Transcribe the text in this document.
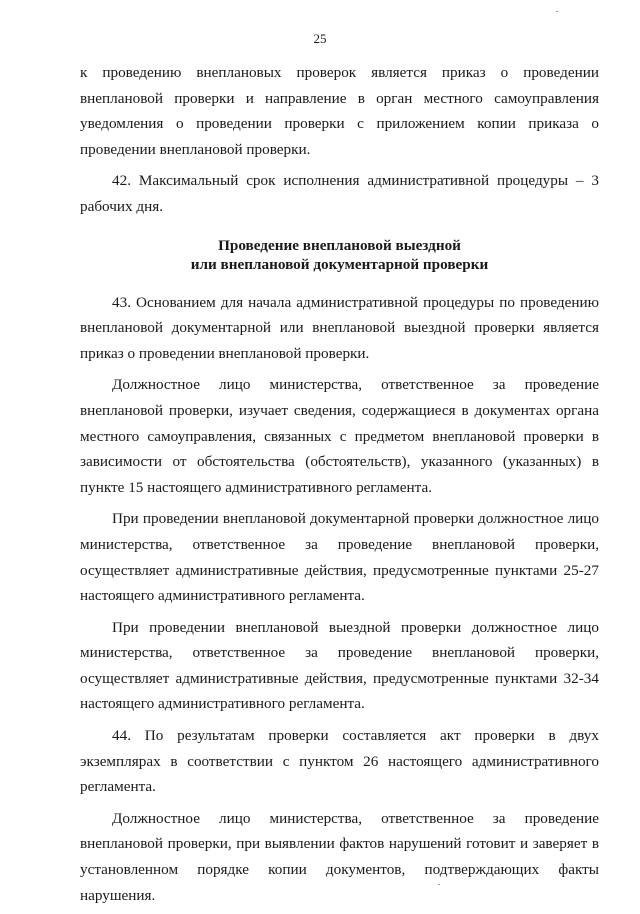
25

к проведению внеплановых проверок является приказ о проведении внеплановой проверки и направление в орган местного самоуправления уведомления о проведении проверки с приложением копии приказа о проведении внеплановой проверки.

42. Максимальный срок исполнения административной процедуры – 3 рабочих дня.

Проведение внеплановой выездной
или внеплановой документарной проверки

43. Основанием для начала административной процедуры по проведению внеплановой документарной или внеплановой выездной проверки является приказ о проведении внеплановой проверки.

Должностное лицо министерства, ответственное за проведение внеплановой проверки, изучает сведения, содержащиеся в документах органа местного самоуправления, связанных с предметом внеплановой проверки в зависимости от обстоятельства (обстоятельств), указанного (указанных) в пункте 15 настоящего административного регламента.

При проведении внеплановой документарной проверки должностное лицо министерства, ответственное за проведение внеплановой проверки, осуществляет административные действия, предусмотренные пунктами 25-27 настоящего административного регламента.

При проведении внеплановой выездной проверки должностное лицо министерства, ответственное за проведение внеплановой проверки, осуществляет административные действия, предусмотренные пунктами 32-34 настоящего административного регламента.

44. По результатам проверки составляется акт проверки в двух экземплярах в соответствии с пунктом 26 настоящего административного регламента.

Должностное лицо министерства, ответственное за проведение внеплановой проверки, при выявлении фактов нарушений готовит и заверяет в установленном порядке копии документов, подтверждающих факты нарушения.
